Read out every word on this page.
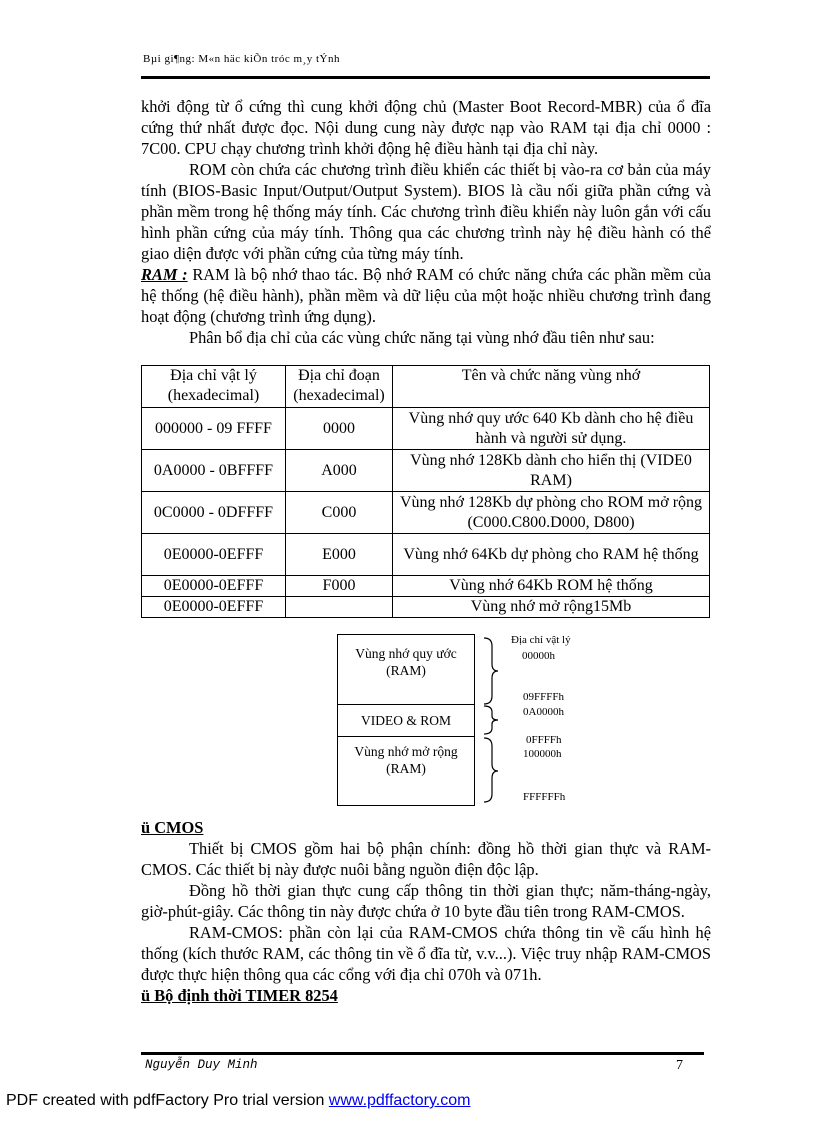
Bµi gi¶ng: M«n häc kiÕn tróc m¸y tÝnh

khởi động từ ổ cứng thì cung khởi động chủ (Master Boot Record-MBR) của ổ đĩa cứng thứ nhất được đọc. Nội dung cung này được nạp vào RAM tại địa chỉ 0000 : 7C00. CPU chạy chương trình khởi động hệ điều hành tại địa chỉ này.

ROM còn chứa các chương trình điều khiển các thiết bị vào-ra cơ bản của máy tính (BIOS-Basic Input/Output/Output System). BIOS là cầu nối giữa phần cứng và phần mềm trong hệ thống máy tính. Các chương trình điều khiển này luôn gắn với cấu hình phần cứng của máy tính. Thông qua các chương trình này hệ điều hành có thể giao diện được với phần cứng của từng máy tính.

RAM : RAM là bộ nhớ thao tác. Bộ nhớ RAM có chức năng chứa các phần mềm của hệ thống (hệ điều hành), phần mềm và dữ liệu của một hoặc nhiều chương trình đang hoạt động (chương trình ứng dụng).

Phân bổ địa chỉ của các vùng chức năng tại vùng nhớ đầu tiên như sau:

Địa chỉ vật lý (hexadecimal)	Địa chỉ đoạn (hexadecimal)	Tên và chức năng vùng nhớ
000000 - 09 FFFF	0000	Vùng nhớ quy ước 640 Kb dành cho hệ điều hành và người sử dụng.
0A0000 - 0BFFFF	A000	Vùng nhớ 128Kb dành cho hiển thị (VIDE0 RAM)
0C0000 - 0DFFFF	C000	Vùng nhớ 128Kb dự phòng cho ROM mở rộng (C000.C800.D000, D800)
0E0000-0EFFF	E000	Vùng nhớ 64Kb dự phòng cho RAM hệ thống
0E0000-0EFFF	F000	Vùng nhớ 64Kb ROM hệ thống
0E0000-0EFFF		Vùng nhớ mở rộng15Mb
Vùng nhớ quy ước (RAM)
VIDEO & ROM
Vùng nhớ mở rộng (RAM)
Địa chỉ vật lý
00000h
09FFFFh
0A0000h
0FFFFh
100000h
FFFFFFh

ü CMOS

Thiết bị CMOS gồm hai bộ phận chính: đồng hồ thời gian thực và RAM-CMOS. Các thiết bị này được nuôi bằng nguồn điện độc lập.

Đồng hồ thời gian thực cung cấp thông tin thời gian thực; năm-tháng-ngày, giờ-phút-giây. Các thông tin này được chứa ở 10 byte đầu tiên trong RAM-CMOS.

RAM-CMOS: phần còn lại của RAM-CMOS chứa thông tin về cấu hình hệ thống (kích thước RAM, các thông tin về ổ đĩa từ, v.v...). Việc truy nhập RAM-CMOS được thực hiện thông qua các cổng với địa chỉ 070h và 071h.

ü Bộ định thời TIMER 8254

Nguyễn Duy Minh	7
PDF created with pdfFactory Pro trial version www.pdffactory.com
